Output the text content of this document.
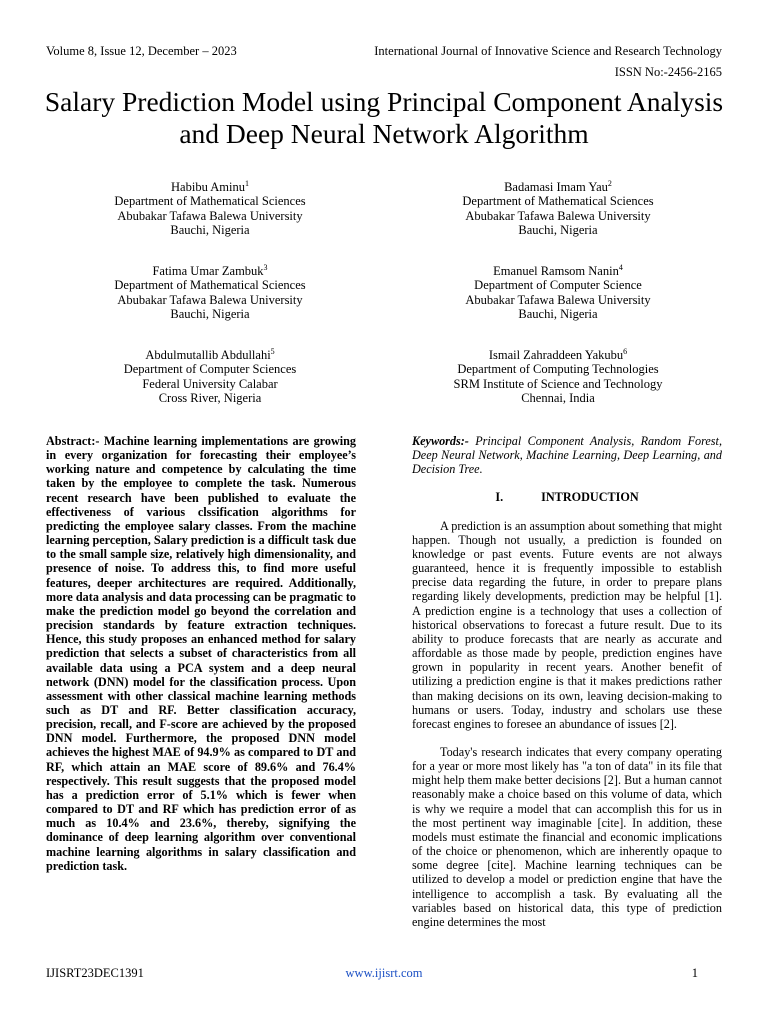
Volume 8, Issue 12, December – 2023	International Journal of Innovative Science and Research Technology
ISSN No:-2456-2165
Salary Prediction Model using Principal Component Analysis and Deep Neural Network Algorithm
Habibu Aminu$^1$
Department of Mathematical Sciences
Abubakar Tafawa Balewa University
Bauchi, Nigeria
Badamasi Imam Yau$^2$
Department of Mathematical Sciences
Abubakar Tafawa Balewa University
Bauchi, Nigeria
Fatima Umar Zambuk$^3$
Department of Mathematical Sciences
Abubakar Tafawa Balewa University
Bauchi, Nigeria
Emanuel Ramsom Nanin$^4$
Department of Computer Science
Abubakar Tafawa Balewa University
Bauchi, Nigeria
Abdulmutallib Abdullahi$^5$
Department of Computer Sciences
Federal University Calabar
Cross River, Nigeria
Ismail Zahraddeen Yakubu$^6$
Department of Computing Technologies
SRM Institute of Science and Technology
Chennai, India
Abstract:- Machine learning implementations are growing in every organization for forecasting their employee’s working nature and competence by calculating the time taken by the employee to complete the task. Numerous recent research have been published to evaluate the effectiveness of various clssification algorithms for predicting the employee salary classes. From the machine learning perception, Salary prediction is a difficult task due to the small sample size, relatively high dimensionality, and presence of noise. To address this, to find more useful features, deeper architectures are required. Additionally, more data analysis and data processing can be pragmatic to make the prediction model go beyond the correlation and precision standards by feature extraction techniques. Hence, this study proposes an enhanced method for salary prediction that selects a subset of characteristics from all available data using a PCA system and a deep neural network (DNN) model for the classification process. Upon assessment with other classical machine learning methods such as DT and RF. Better classification accuracy, precision, recall, and F-score are achieved by the proposed DNN model. Furthermore, the proposed DNN model achieves the highest MAE of 94.9% as compared to DT and RF, which attain an MAE score of 89.6% and 76.4% respectively. This result suggests that the proposed model has a prediction error of 5.1% which is fewer when compared to DT and RF which has prediction error of as much as 10.4% and 23.6%, thereby, signifying the dominance of deep learning algorithm over conventional machine learning algorithms in salary classification and prediction task.

Keywords:- Principal Component Analysis, Random Forest, Deep Neural Network, Machine Learning, Deep Learning, and Decision Tree.

I.	INTRODUCTION

A prediction is an assumption about something that might happen. Though not usually, a prediction is founded on knowledge or past events. Future events are not always guaranteed, hence it is frequently impossible to establish precise data regarding the future, in order to prepare plans regarding likely developments, prediction may be helpful [1]. A prediction engine is a technology that uses a collection of historical observations to forecast a future result. Due to its ability to produce forecasts that are nearly as accurate and affordable as those made by people, prediction engines have grown in popularity in recent years. Another benefit of utilizing a prediction engine is that it makes predictions rather than making decisions on its own, leaving decision-making to humans or users. Today, industry and scholars use these forecast engines to foresee an abundance of issues [2].

Today's research indicates that every company operating for a year or more most likely has "a ton of data" in its file that might help them make better decisions [2]. But a human cannot reasonably make a choice based on this volume of data, which is why we require a model that can accomplish this for us in the most pertinent way imaginable [cite]. In addition, these models must estimate the financial and economic implications of the choice or phenomenon, which are inherently opaque to some degree [cite]. Machine learning techniques can be utilized to develop a model or prediction engine that have the intelligence to accomplish a task. By evaluating all the variables based on historical data, this type of prediction engine determines the most

IJISRT23DEC1391	www.ijisrt.com	1
